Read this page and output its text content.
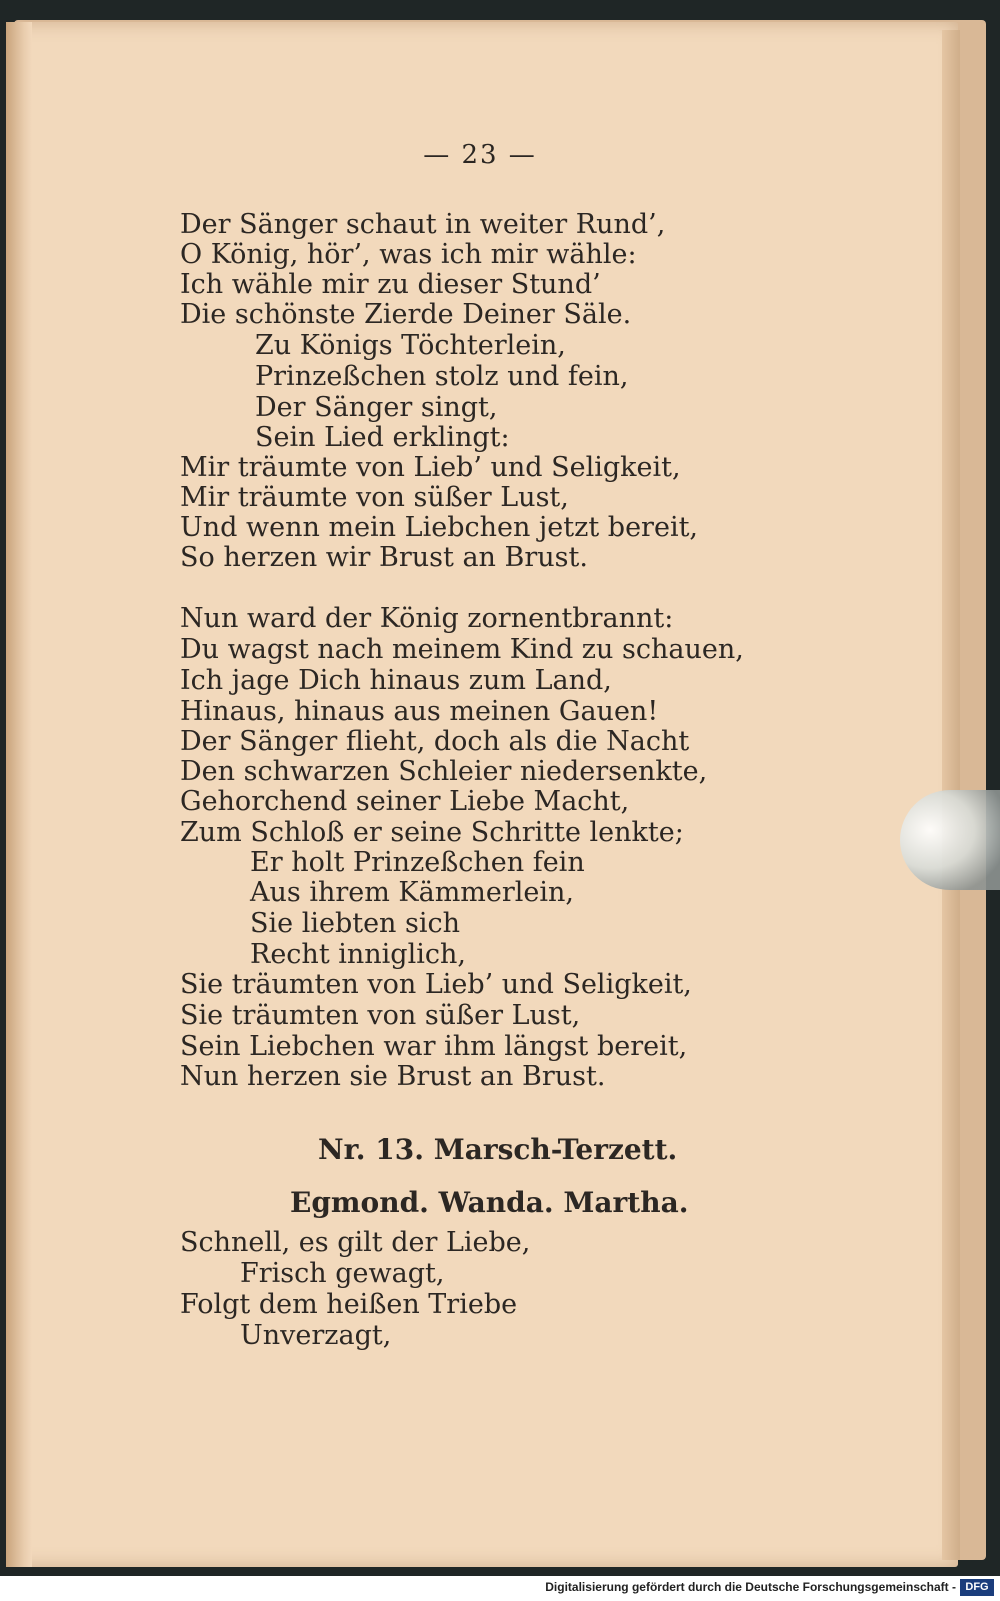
— 23 —
Der Sänger schaut in weiter Rund’,
O König, hör’, was ich mir wähle:
Ich wähle mir zu dieser Stund’
Die schönste Zierde Deiner Säle.
Zu Königs Töchterlein,
Prinzeßchen stolz und fein,
Der Sänger singt,
Sein Lied erklingt:
Mir träumte von Lieb’ und Seligkeit,
Mir träumte von süßer Lust,
Und wenn mein Liebchen jetzt bereit,
So herzen wir Brust an Brust.
Nun ward der König zornentbrannt:
Du wagst nach meinem Kind zu schauen,
Ich jage Dich hinaus zum Land,
Hinaus, hinaus aus meinen Gauen!
Der Sänger flieht, doch als die Nacht
Den schwarzen Schleier niedersenkte,
Gehorchend seiner Liebe Macht,
Zum Schloß er seine Schritte lenkte;
Er holt Prinzeßchen fein
Aus ihrem Kämmerlein,
Sie liebten sich
Recht inniglich,
Sie träumten von Lieb’ und Seligkeit,
Sie träumten von süßer Lust,
Sein Liebchen war ihm längst bereit,
Nun herzen sie Brust an Brust.
Nr. 13. Marsch-Terzett.
Egmond. Wanda. Martha.
Schnell, es gilt der Liebe,
Frisch gewagt,
Folgt dem heißen Triebe
Unverzagt,
Digitalisierung gefördert durch die Deutsche Forschungsgemeinschaft - DFG
